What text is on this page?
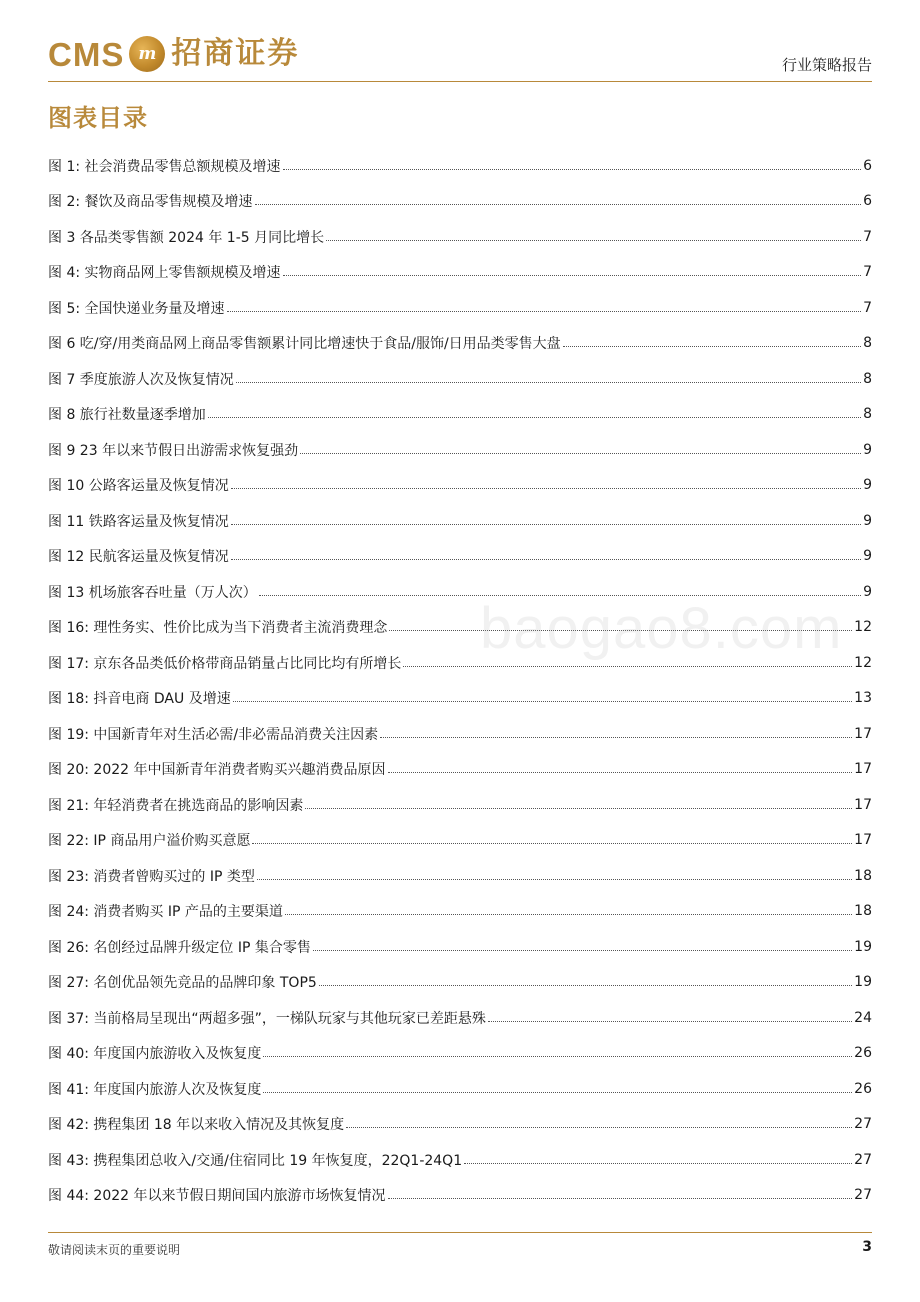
CMS m 招商证券	行业策略报告
图表目录
图 1: 社会消费品零售总额规模及增速	6
图 2: 餐饮及商品零售规模及增速	6
图 3 各品类零售额 2024 年 1-5 月同比增长	7
图 4: 实物商品网上零售额规模及增速	7
图 5: 全国快递业务量及增速	7
图 6 吃/穿/用类商品网上商品零售额累计同比增速快于食品/服饰/日用品类零售大盘	8
图 7 季度旅游人次及恢复情况	8
图 8 旅行社数量逐季增加	8
图 9 23 年以来节假日出游需求恢复强劲	9
图 10 公路客运量及恢复情况	9
图 11 铁路客运量及恢复情况	9
图 12 民航客运量及恢复情况	9
图 13 机场旅客吞吐量（万人次）	9
图 16: 理性务实、性价比成为当下消费者主流消费理念	12
图 17: 京东各品类低价格带商品销量占比同比均有所增长	12
图 18: 抖音电商 DAU 及增速	13
图 19: 中国新青年对生活必需/非必需品消费关注因素	17
图 20: 2022 年中国新青年消费者购买兴趣消费品原因	17
图 21: 年轻消费者在挑选商品的影响因素	17
图 22: IP 商品用户溢价购买意愿	17
图 23: 消费者曾购买过的 IP 类型	18
图 24: 消费者购买 IP 产品的主要渠道	18
图 26: 名创经过品牌升级定位 IP 集合零售	19
图 27: 名创优品领先竞品的品牌印象 TOP5	19
图 37: 当前格局呈现出“两超多强”，一梯队玩家与其他玩家已差距悬殊	24
图 40: 年度国内旅游收入及恢复度	26
图 41: 年度国内旅游人次及恢复度	26
图 42: 携程集团 18 年以来收入情况及其恢复度	27
图 43: 携程集团总收入/交通/住宿同比 19 年恢复度，22Q1-24Q1	27
图 44: 2022 年以来节假日期间国内旅游市场恢复情况	27
baogao8.com
敬请阅读末页的重要说明	3
